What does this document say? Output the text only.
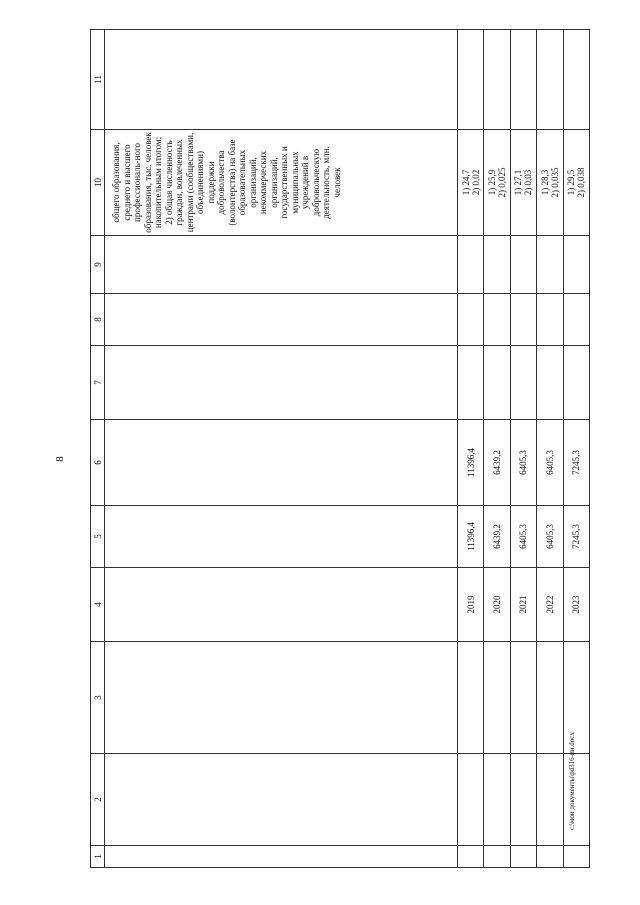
8
1	2	3	4	5	6	7	8	9	10	11
									общего образования, среднего и высшего профессиональ-ного образования, тыс. человек накопительным итогом; 2) общая численность граждан, вовлеченных центрами (сообществами, объединениями) поддержки добровольчества (волонтерства) на базе образовательных организаций, некоммерческих организаций, государственных и муниципальных учреждений в добровольческую деятельность, млн. человек	
			2019	11396,4	11396,4				1) 24,7
2) 0,02	
			2020	6439,2	6439,2				1) 25,9
2) 0,025	
			2021	6405,3	6405,3				1) 27,1
2) 0,03	
			2022	6405,3	6405,3				1) 28,3
2) 0,035	
			2023	7245,3	7245,3				1) 29,5
2) 0,038	
с:\мои документы\pd316-ии.docx
